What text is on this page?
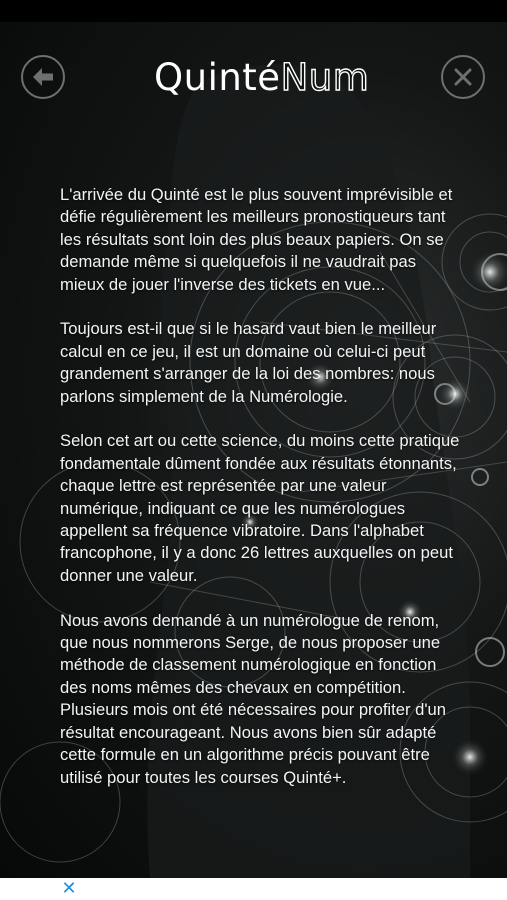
QuintéNum

L'arrivée du Quinté est le plus souvent imprévisible et défie régulièrement les meilleurs pronostiqueurs tant les résultats sont loin des plus beaux papiers. On se demande même si quelquefois il ne vaudrait pas mieux de jouer l'inverse des tickets en vue...

Toujours est-il que si le hasard vaut bien le meilleur calcul en ce jeu, il est un domaine où celui-ci peut grandement s'arranger de la loi des nombres: nous parlons simplement de la Numérologie.

Selon cet art ou cette science, du moins cette pratique fondamentale dûment fondée aux résultats étonnants, chaque lettre est représentée par une valeur numérique, indiquant ce que les numérologues appellent sa fréquence vibratoire. Dans l'alphabet francophone, il y a donc 26 lettres auxquelles on peut donner une valeur.

Nous avons demandé à un numérologue de renom, que nous nommerons Serge, de nous proposer une méthode de classement numérologique en fonction des noms mêmes des chevaux en compétition. Plusieurs mois ont été nécessaires pour profiter d'un résultat encourageant. Nous avons bien sûr adapté cette formule en un algorithme précis pouvant être utilisé pour toutes les courses Quinté+.

✕
